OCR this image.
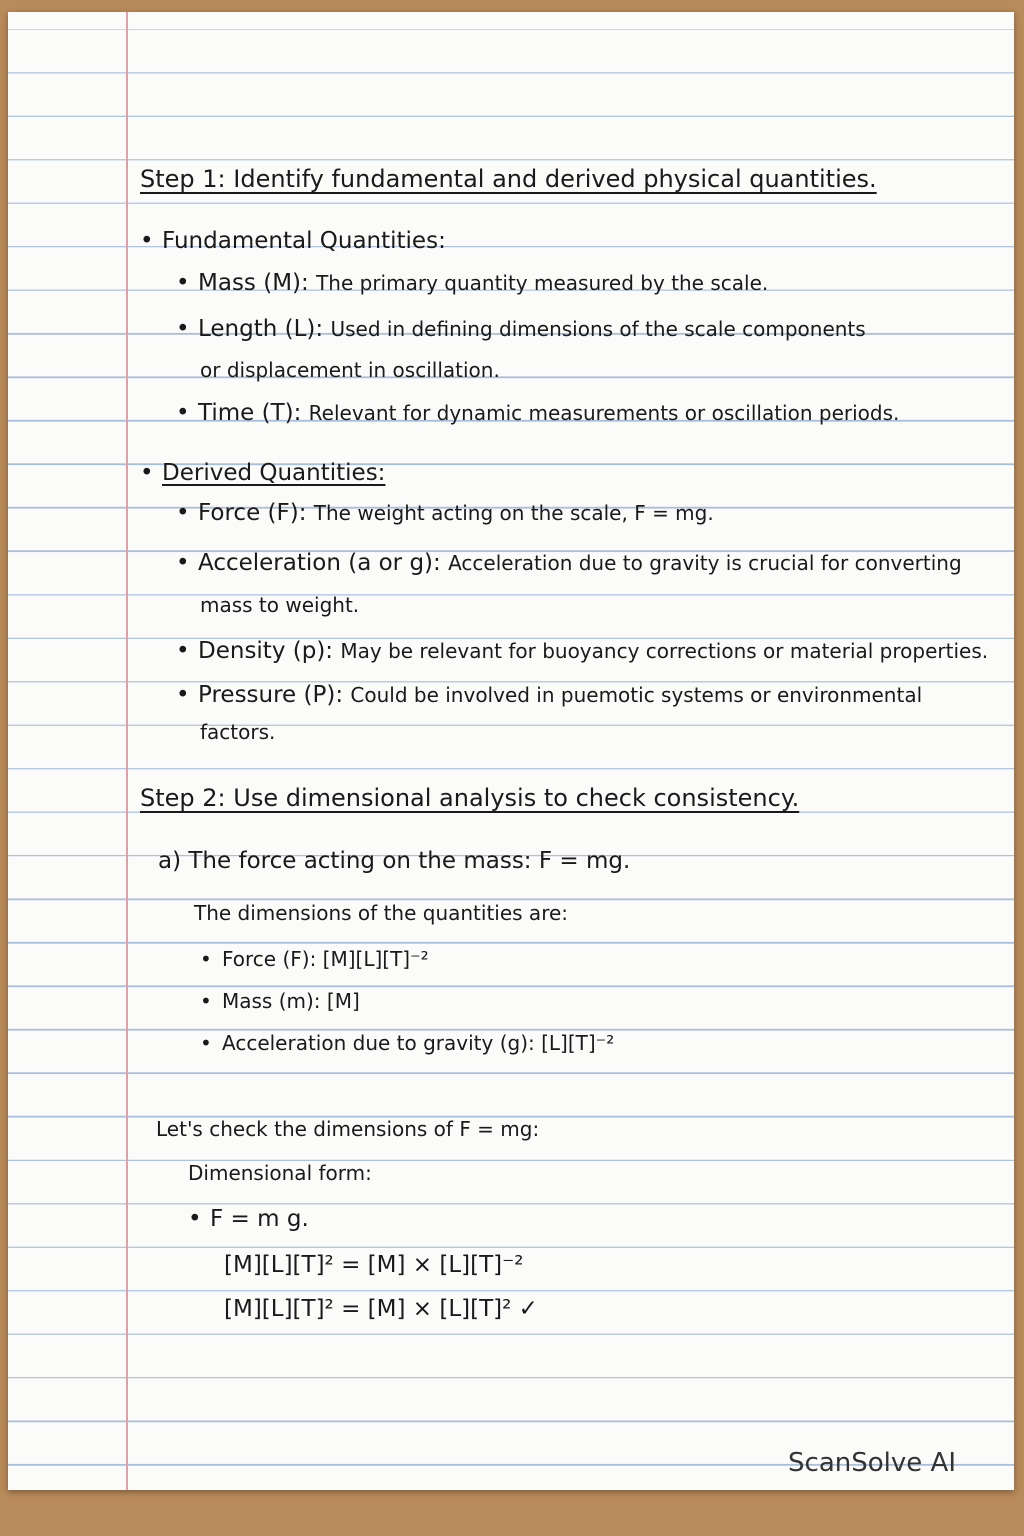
Step 1: Identify fundamental and derived physical quantities.
• Fundamental Quantities:
• Mass (M): The primary quantity measured by the scale.
• Length (L): Used in defining dimensions of the scale components
or displacement in oscillation.
• Time (T): Relevant for dynamic measurements or oscillation periods.
• Derived Quantities:
• Force (F): The weight acting on the scale, F = mg.
• Acceleration (a or g): Acceleration due to gravity is crucial for converting
mass to weight.
• Density (p): May be relevant for buoyancy corrections or material properties.
• Pressure (P): Could be involved in puemotic systems or environmental
factors.
Step 2: Use dimensional analysis to check consistency.
a) The force acting on the mass: F = mg.
The dimensions of the quantities are:
• Force (F): [M][L][T]⁻²
• Mass (m): [M]
• Acceleration due to gravity (g): [L][T]⁻²
Let's check the dimensions of F = mg:
Dimensional form:
• F = m g.
[M][L][T]² = [M] × [L][T]⁻²
[M][L][T]² = [M] × [L][T]² ✓
ScanSolve AI
